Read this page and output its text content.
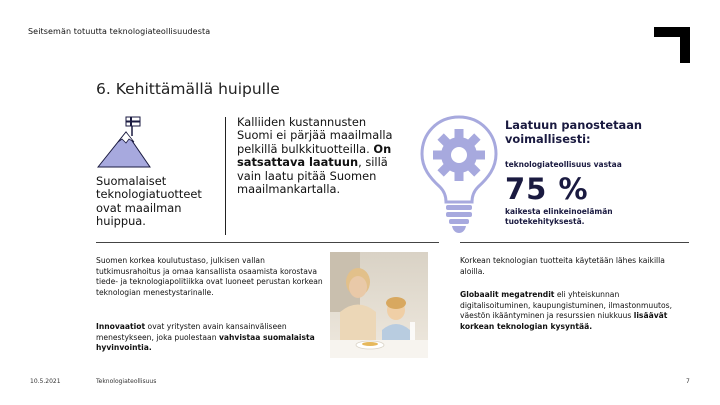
Seitsemän totuutta teknologiateollisuudesta
6. Kehittämällä huipulle
Suomalaiset teknologiatuotteet ovat maailman huippua.
Kalliiden kustannusten Suomi ei pärjää maailmalla pelkillä bulkkituotteilla. On satsattava laatuun, sillä vain laatu pitää Suomen maailmankartalla.
Laatuun panostetaan voimallisesti:
teknologiateollisuus vastaa
75 %
kaikesta elinkeinoelämän tuotekehityksestä.
Suomen korkea koulutustaso, julkisen vallan tutkimusrahoitus ja omaa kansallista osaamista korostava tiede- ja teknologiapolitiikka ovat luoneet perustan korkean teknologian menestystarinalle.
Innovaatiot ovat yritysten avain kansainväliseen menestykseen, joka puolestaan vahvistaa suomalaista hyvinvointia.
Korkean teknologian tuotteita käytetään lähes kaikilla aloilla.
Globaalit megatrendit eli yhteiskunnan digitalisoituminen, kaupungistuminen, ilmastonmuutos, väestön ikääntyminen ja resurssien niukkuus lisäävät korkean teknologian kysyntää.
10.5.2021	Teknologiateollisuus	7
